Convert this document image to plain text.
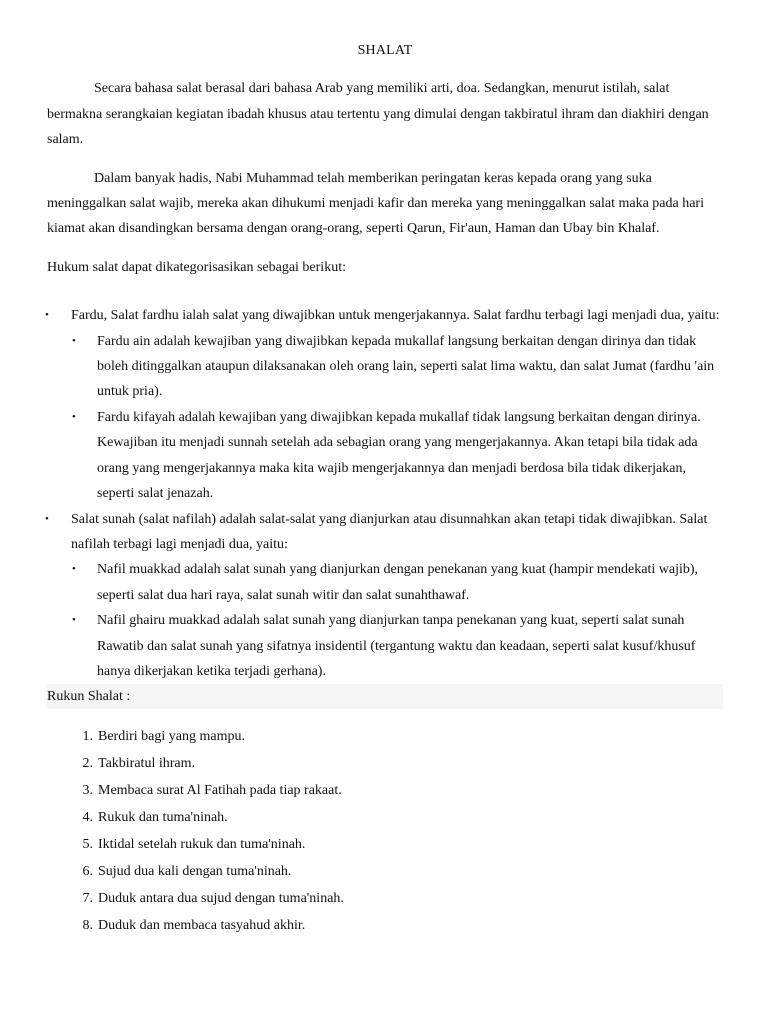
SHALAT

Secara bahasa salat berasal dari bahasa Arab yang memiliki arti, doa. Sedangkan, menurut istilah, salat bermakna serangkaian kegiatan ibadah khusus atau tertentu yang dimulai dengan takbiratul ihram dan diakhiri dengan salam.

Dalam banyak hadis, Nabi Muhammad telah memberikan peringatan keras kepada orang yang suka meninggalkan salat wajib, mereka akan dihukumi menjadi kafir dan mereka yang meninggalkan salat maka pada hari kiamat akan disandingkan bersama dengan orang-orang, seperti Qarun, Fir'aun, Haman dan Ubay bin Khalaf.

Hukum salat dapat dikategorisasikan sebagai berikut:

• Fardu, Salat fardhu ialah salat yang diwajibkan untuk mengerjakannya. Salat fardhu terbagi lagi menjadi dua, yaitu:
• Fardu ain adalah kewajiban yang diwajibkan kepada mukallaf langsung berkaitan dengan dirinya dan tidak boleh ditinggalkan ataupun dilaksanakan oleh orang lain, seperti salat lima waktu, dan salat Jumat (fardhu 'ain untuk pria).
• Fardu kifayah adalah kewajiban yang diwajibkan kepada mukallaf tidak langsung berkaitan dengan dirinya. Kewajiban itu menjadi sunnah setelah ada sebagian orang yang mengerjakannya. Akan tetapi bila tidak ada orang yang mengerjakannya maka kita wajib mengerjakannya dan menjadi berdosa bila tidak dikerjakan, seperti salat jenazah.
• Salat sunah (salat nafilah) adalah salat-salat yang dianjurkan atau disunnahkan akan tetapi tidak diwajibkan. Salat nafilah terbagi lagi menjadi dua, yaitu:
• Nafil muakkad adalah salat sunah yang dianjurkan dengan penekanan yang kuat (hampir mendekati wajib), seperti salat dua hari raya, salat sunah witir dan salat sunahthawaf.
• Nafil ghairu muakkad adalah salat sunah yang dianjurkan tanpa penekanan yang kuat, seperti salat sunah Rawatib dan salat sunah yang sifatnya insidentil (tergantung waktu dan keadaan, seperti salat kusuf/khusuf hanya dikerjakan ketika terjadi gerhana).
Rukun Shalat :
1. Berdiri bagi yang mampu.
2. Takbiratul ihram.
3. Membaca surat Al Fatihah pada tiap rakaat.
4. Rukuk dan tuma'ninah.
5. Iktidal setelah rukuk dan tuma'ninah.
6. Sujud dua kali dengan tuma'ninah.
7. Duduk antara dua sujud dengan tuma'ninah.
8. Duduk dan membaca tasyahud akhir.
